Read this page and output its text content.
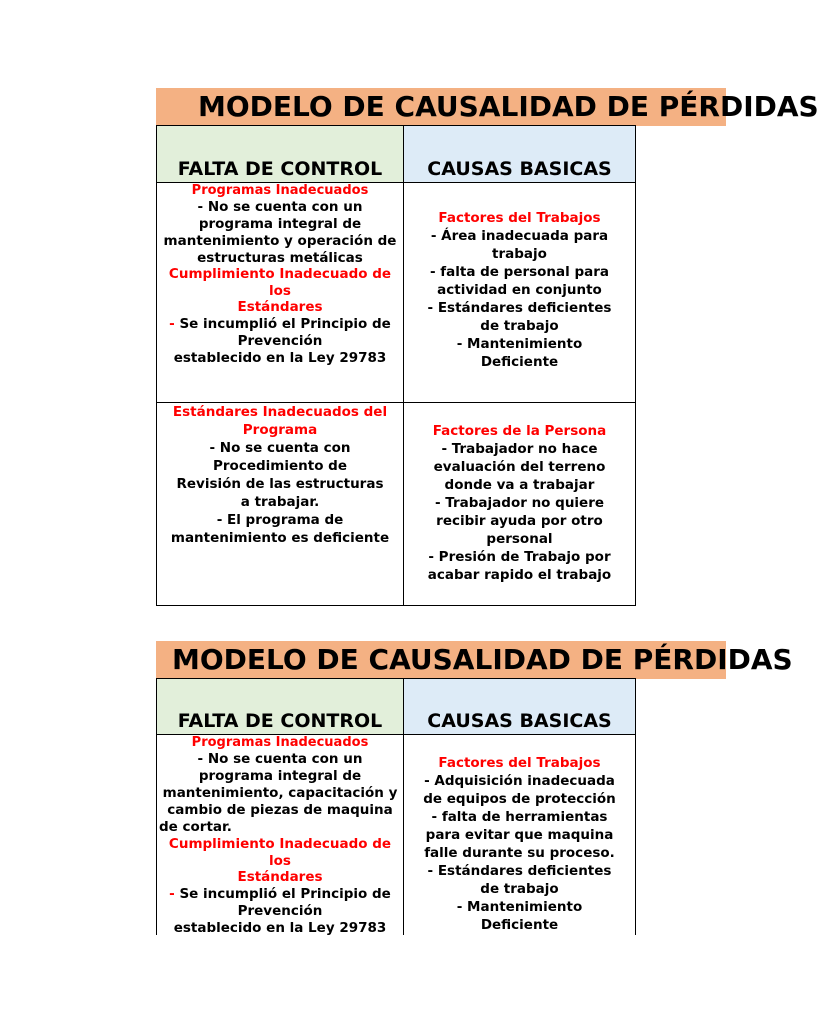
MODELO DE CAUSALIDAD DE PÉRDIDAS
FALTA DE CONTROL CAUSAS BASICAS
Programas Inadecuados
- No se cuenta con un
programa integral de
mantenimiento y operación de
estructuras metálicas
Cumplimiento Inadecuado de
los
Estándares
- Se incumplió el Principio de
Prevención
establecido en la Ley 29783
Factores del Trabajos
- Área inadecuada para
trabajo
- falta de personal para
actividad en conjunto
- Estándares deficientes
de trabajo
- Mantenimiento
Deficiente
Estándares Inadecuados del
Programa
- No se cuenta con
Procedimiento de
Revisión de las estructuras
a trabajar.
- El programa de
mantenimiento es deficiente
Factores de la Persona
- Trabajador no hace
evaluación del terreno
donde va a trabajar
- Trabajador no quiere
recibir ayuda por otro
personal
- Presión de Trabajo por
acabar rapido el trabajo
MODELO DE CAUSALIDAD DE PÉRDIDAS
FALTA DE CONTROL CAUSAS BASICAS
Programas Inadecuados
- No se cuenta con un
programa integral de
mantenimiento, capacitación y
cambio de piezas de maquina
de cortar.
Cumplimiento Inadecuado de
los
Estándares
- Se incumplió el Principio de
Prevención
establecido en la Ley 29783
Factores del Trabajos
- Adquisición inadecuada
de equipos de protección
- falta de herramientas
para evitar que maquina
falle durante su proceso.
- Estándares deficientes
de trabajo
- Mantenimiento
Deficiente
